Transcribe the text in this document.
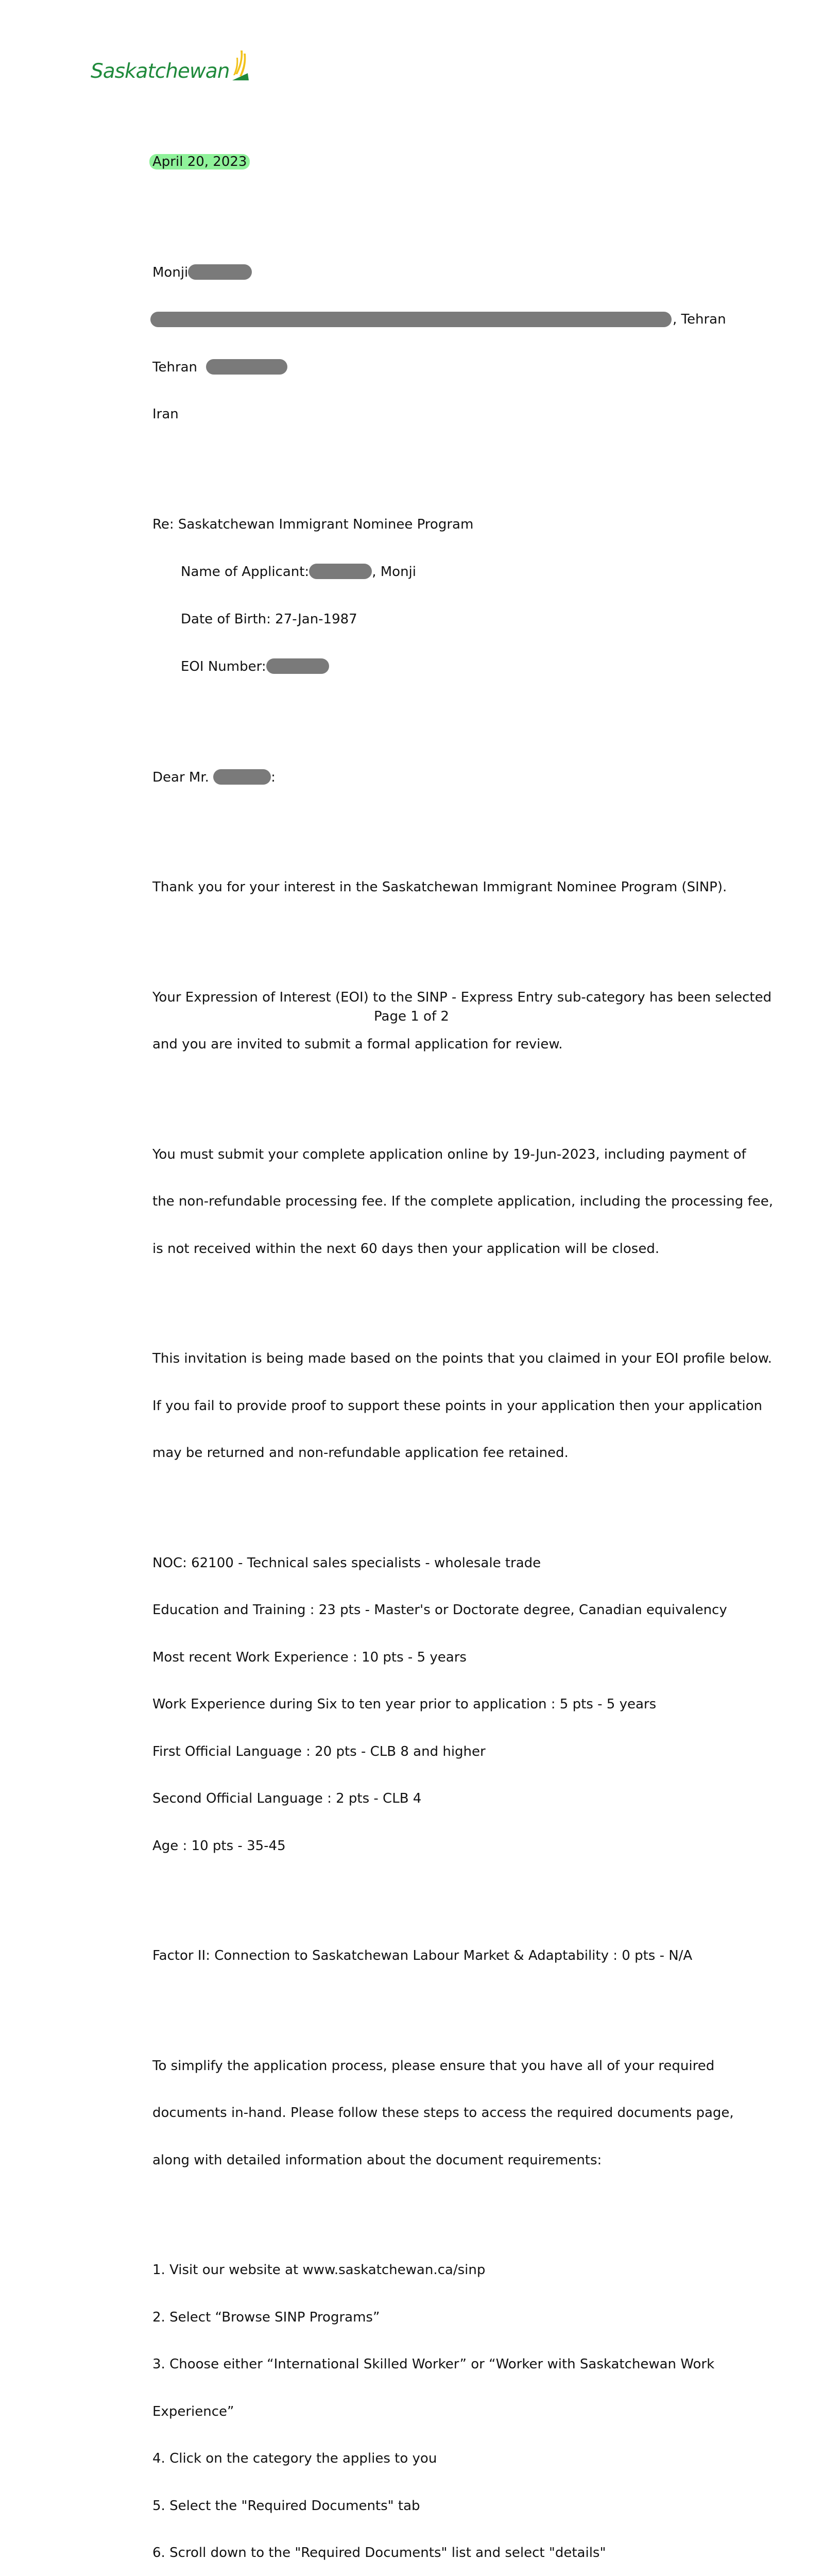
Saskatchewan

April 20, 2023

Monji

, Tehran

Tehran

Iran

Re: Saskatchewan Immigrant Nominee Program

Name of Applicant:	, Monji

Date of Birth: 27-Jan-1987

EOI Number:

Dear Mr.	:

Thank you for your interest in the Saskatchewan Immigrant Nominee Program (SINP).

Your Expression of Interest (EOI) to the SINP - Express Entry sub-category has been selected

and you are invited to submit a formal application for review.

You must submit your complete application online by 19-Jun-2023, including payment of

the non-refundable processing fee. If the complete application, including the processing fee,

is not received within the next 60 days then your application will be closed.

This invitation is being made based on the points that you claimed in your EOI profile below.

If you fail to provide proof to support these points in your application then your application

may be returned and non-refundable application fee retained.

NOC: 62100 - Technical sales specialists - wholesale trade

Education and Training : 23 pts - Master's or Doctorate degree, Canadian equivalency

Most recent Work Experience : 10 pts - 5 years

Work Experience during Six to ten year prior to application : 5 pts - 5 years

First Official Language : 20 pts - CLB 8 and higher

Second Official Language : 2 pts - CLB 4

Age : 10 pts - 35-45

Factor II: Connection to Saskatchewan Labour Market & Adaptability : 0 pts - N/A

To simplify the application process, please ensure that you have all of your required

documents in-hand. Please follow these steps to access the required documents page,

along with detailed information about the document requirements:

1. Visit our website at www.saskatchewan.ca/sinp

2. Select “Browse SINP Programs”

3. Choose either “International Skilled Worker” or “Worker with Saskatchewan Work

Experience”

4. Click on the category the applies to you

5. Select the "Required Documents" tab

6. Scroll down to the "Required Documents" list and select "details"

Page 1 of 2
